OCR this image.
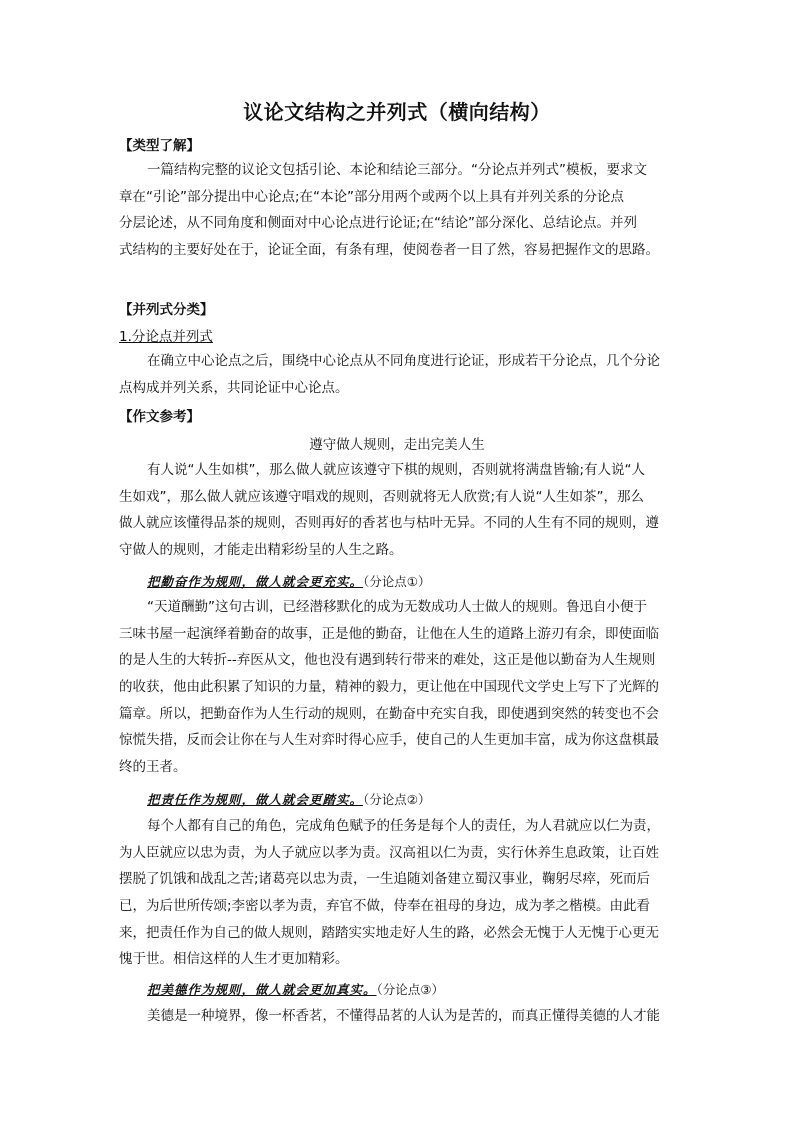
议论文结构之并列式（横向结构）
【类型了解】
一篇结构完整的议论文包括引论、本论和结论三部分。“分论点并列式”模板，要求文
章在“引论”部分提出中心论点;在“本论”部分用两个或两个以上具有并列关系的分论点
分层论述，从不同角度和侧面对中心论点进行论证;在“结论”部分深化、总结论点。并列
式结构的主要好处在于，论证全面，有条有理，使阅卷者一目了然，容易把握作文的思路。
【并列式分类】
1.分论点并列式
在确立中心论点之后，围绕中心论点从不同角度进行论证，形成若干分论点，几个分论
点构成并列关系，共同论证中心论点。
【作文参考】
遵守做人规则，走出完美人生
有人说“人生如棋”，那么做人就应该遵守下棋的规则，否则就将满盘皆输;有人说“人
生如戏”，那么做人就应该遵守唱戏的规则，否则就将无人欣赏;有人说“人生如茶”，那么
做人就应该懂得品茶的规则，否则再好的香茗也与枯叶无异。不同的人生有不同的规则，遵
守做人的规则，才能走出精彩纷呈的人生之路。
把勤奋作为规则，做人就会更充实。（分论点①）
“天道酬勤”这句古训，已经潜移默化的成为无数成功人士做人的规则。鲁迅自小便于
三味书屋一起演绎着勤奋的故事，正是他的勤奋，让他在人生的道路上游刃有余，即使面临
的是人生的大转折--弃医从文，他也没有遇到转行带来的难处，这正是他以勤奋为人生规则
的收获，他由此积累了知识的力量，精神的毅力，更让他在中国现代文学史上写下了光辉的
篇章。所以，把勤奋作为人生行动的规则，在勤奋中充实自我，即使遇到突然的转变也不会
惊慌失措，反而会让你在与人生对弈时得心应手，使自己的人生更加丰富，成为你这盘棋最
终的王者。
把责任作为规则，做人就会更踏实。（分论点②）
每个人都有自己的角色，完成角色赋予的任务是每个人的责任，为人君就应以仁为责，
为人臣就应以忠为责，为人子就应以孝为责。汉高祖以仁为责，实行休养生息政策，让百姓
摆脱了饥饿和战乱之苦;诸葛亮以忠为责，一生追随刘备建立蜀汉事业，鞠躬尽瘁，死而后
已，为后世所传颂;李密以孝为责，弃官不做，侍奉在祖母的身边，成为孝之楷模。由此看
来，把责任作为自己的做人规则，踏踏实实地走好人生的路，必然会无愧于人无愧于心更无
愧于世。相信这样的人生才更加精彩。
把美德作为规则，做人就会更加真实。（分论点③）
美德是一种境界，像一杯香茗，不懂得品茗的人认为是苦的，而真正懂得美德的人才能
